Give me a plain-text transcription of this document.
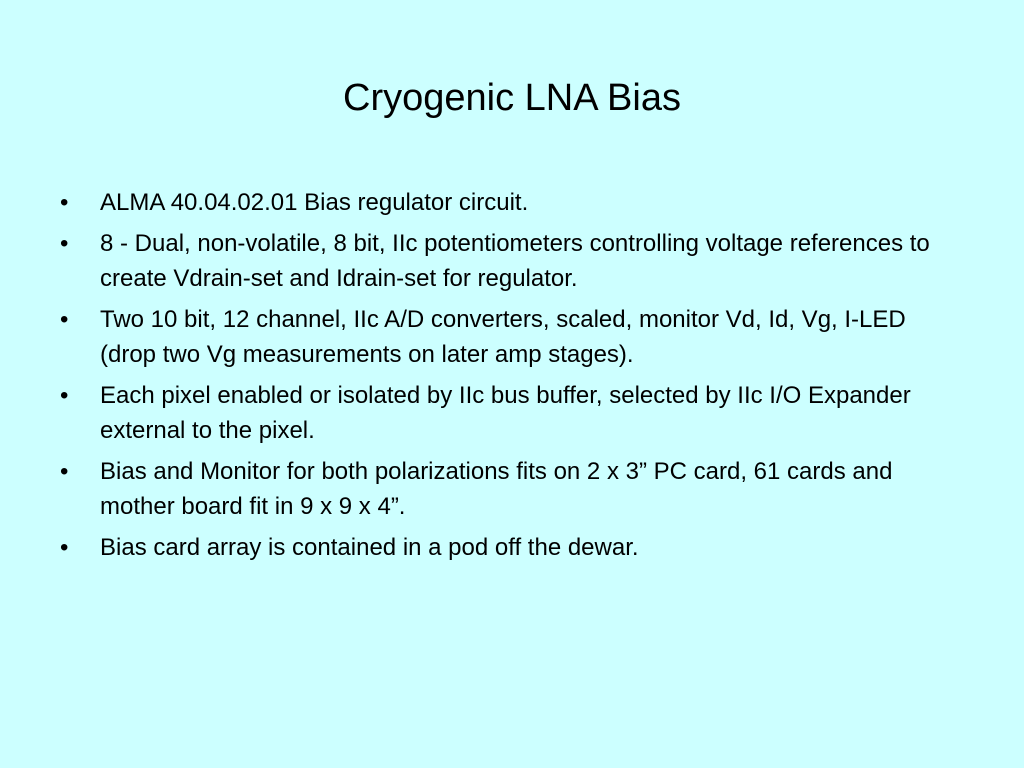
Cryogenic LNA Bias
• ALMA 40.04.02.01 Bias regulator circuit.
• 8 - Dual, non-volatile, 8 bit, IIc potentiometers controlling voltage references to create Vdrain-set and Idrain-set for regulator.
• Two 10 bit, 12 channel, IIc A/D converters, scaled, monitor Vd, Id, Vg, I-LED (drop two Vg measurements on later amp stages).
• Each pixel enabled or isolated by IIc bus buffer, selected by IIc I/O Expander external to the pixel.
• Bias and Monitor for both polarizations fits on 2 x 3” PC card, 61 cards and mother board fit in 9 x 9 x 4”.
• Bias card array is contained in a pod off the dewar.
